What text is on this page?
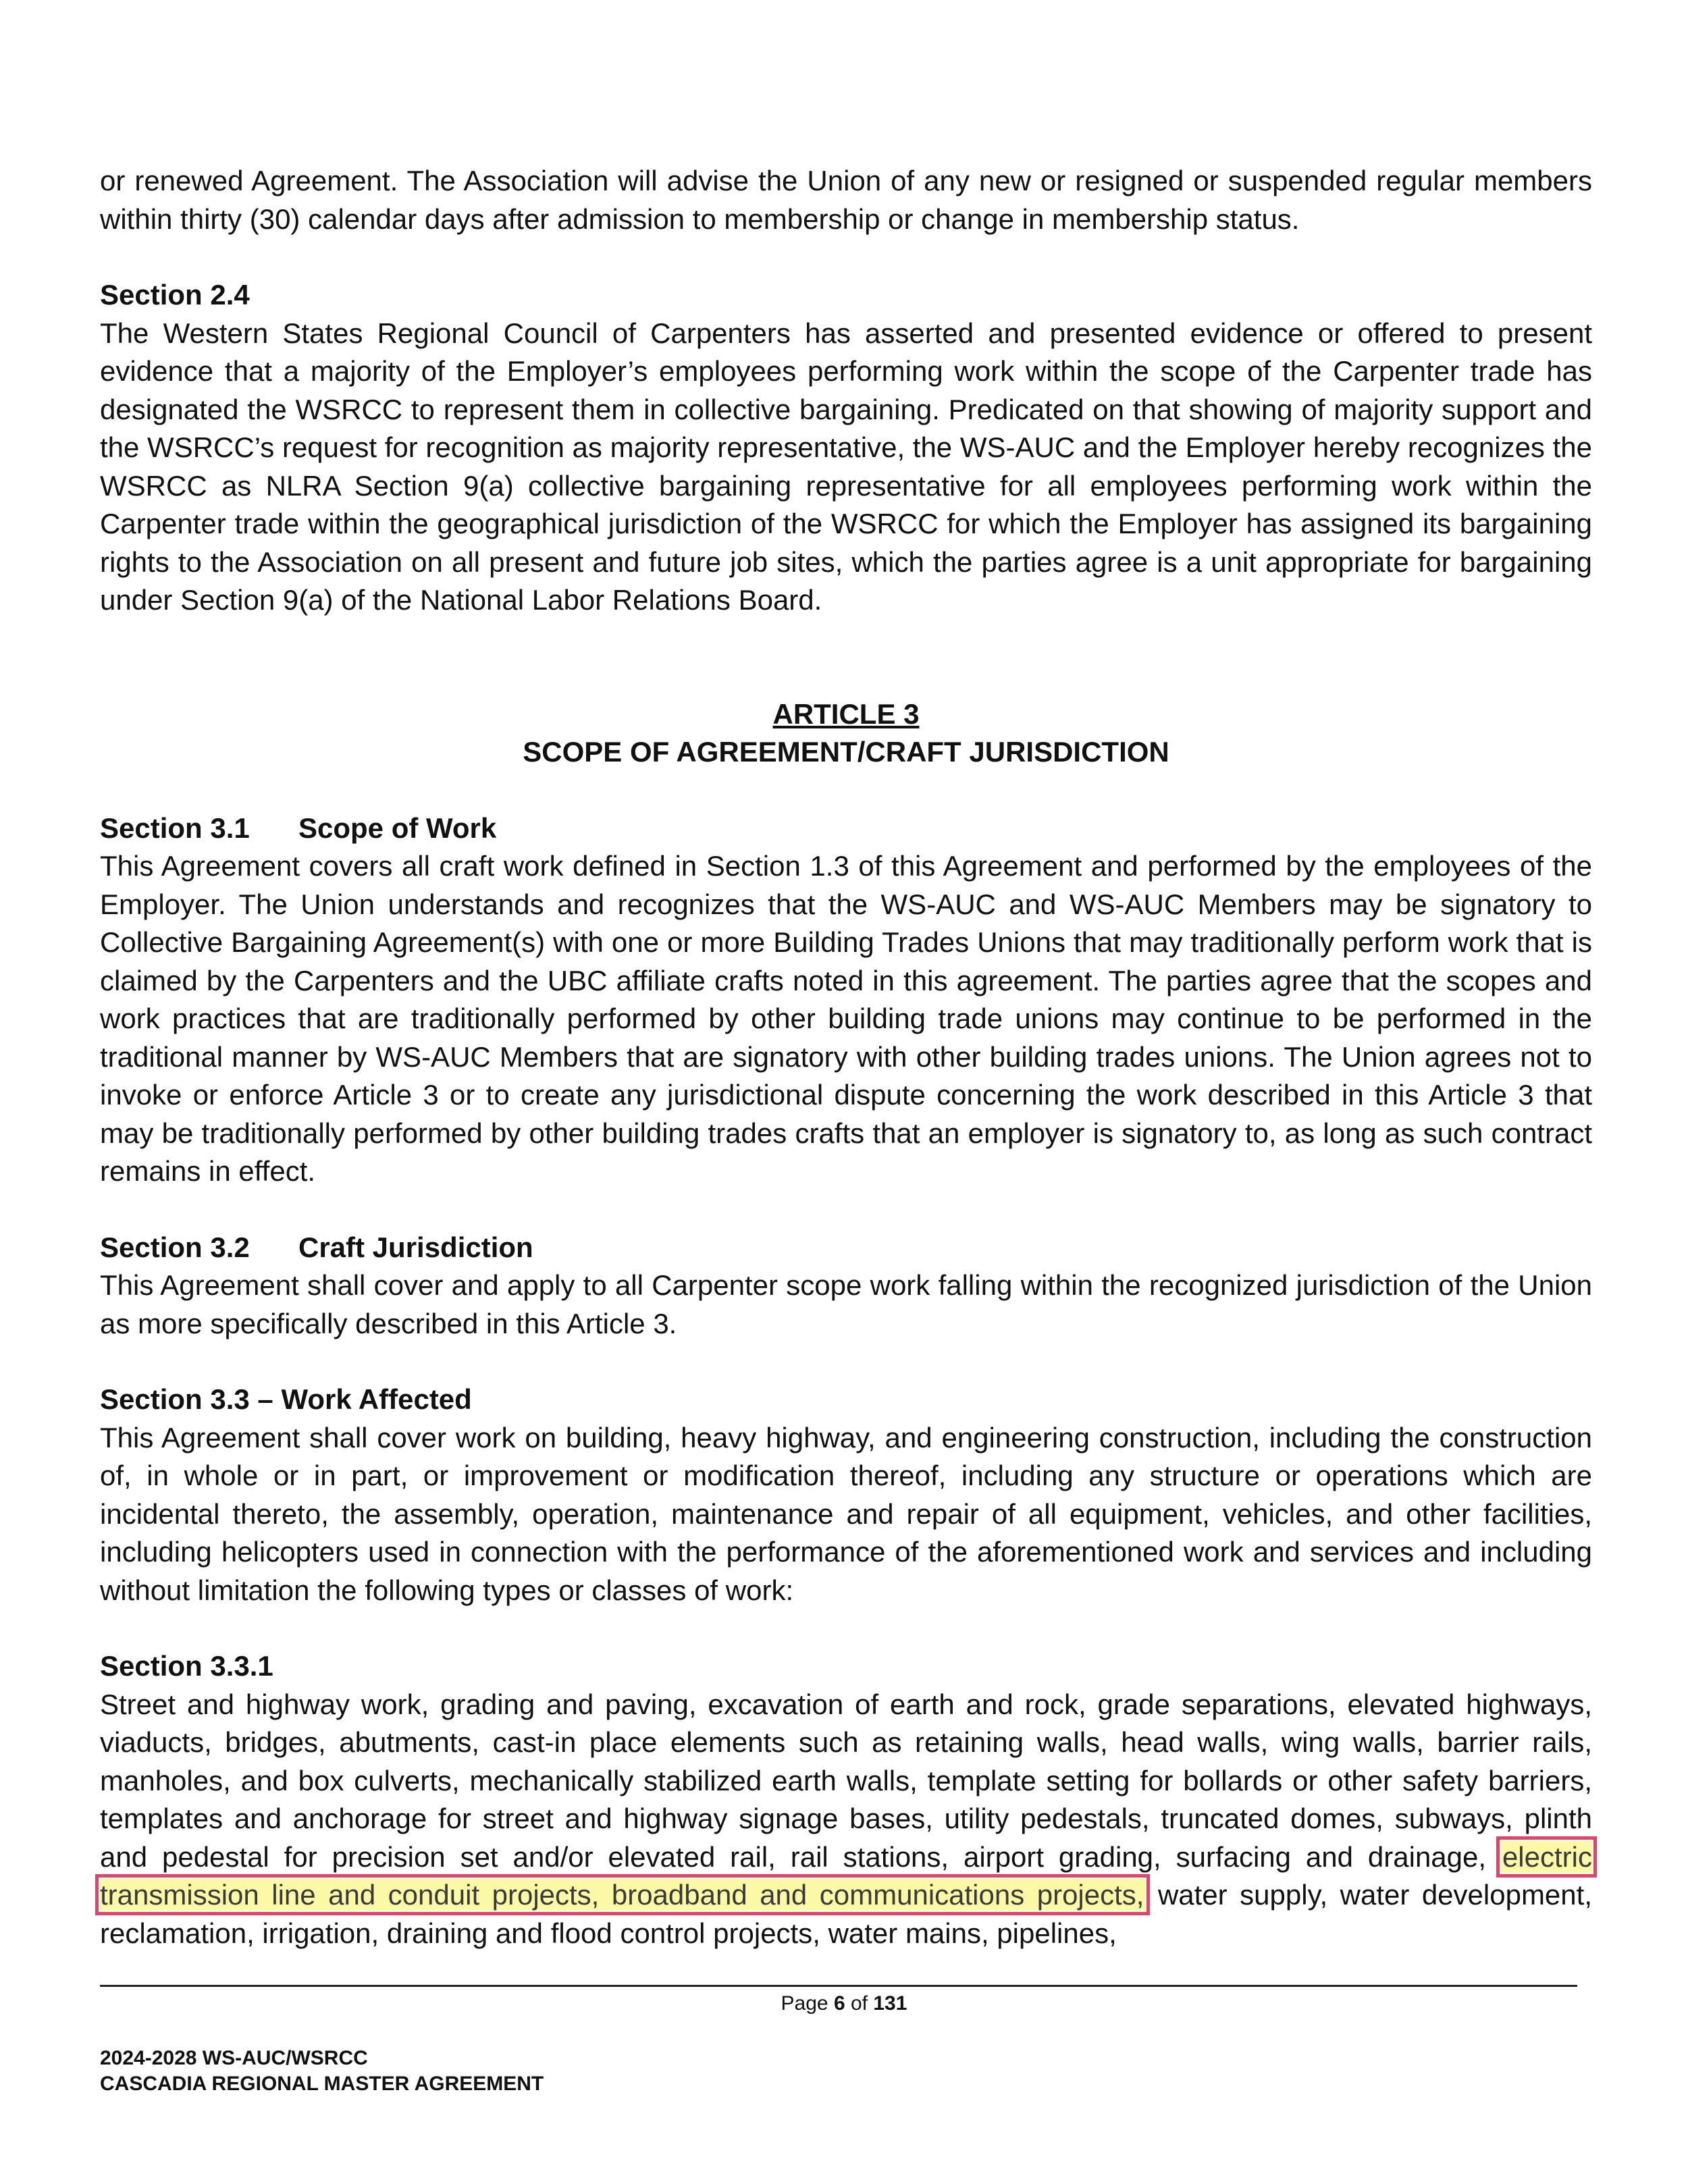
or renewed Agreement. The Association will advise the Union of any new or resigned or suspended regular members within thirty (30) calendar days after admission to membership or change in membership status.

Section 2.4

The Western States Regional Council of Carpenters has asserted and presented evidence or offered to present evidence that a majority of the Employer’s employees performing work within the scope of the Carpenter trade has designated the WSRCC to represent them in collective bargaining. Predicated on that showing of majority support and the WSRCC’s request for recognition as majority representative, the WS-AUC and the Employer hereby recognizes the WSRCC as NLRA Section 9(a) collective bargaining representative for all employees performing work within the Carpenter trade within the geographical jurisdiction of the WSRCC for which the Employer has assigned its bargaining rights to the Association on all present and future job sites, which the parties agree is a unit appropriate for bargaining under Section 9(a) of the National Labor Relations Board.

ARTICLE 3

SCOPE OF AGREEMENT/CRAFT JURISDICTION

Section 3.1 Scope of Work

This Agreement covers all craft work defined in Section 1.3 of this Agreement and performed by the employees of the Employer. The Union understands and recognizes that the WS-AUC and WS-AUC Members may be signatory to Collective Bargaining Agreement(s) with one or more Building Trades Unions that may traditionally perform work that is claimed by the Carpenters and the UBC affiliate crafts noted in this agreement. The parties agree that the scopes and work practices that are traditionally performed by other building trade unions may continue to be performed in the traditional manner by WS-AUC Members that are signatory with other building trades unions. The Union agrees not to invoke or enforce Article 3 or to create any jurisdictional dispute concerning the work described in this Article 3 that may be traditionally performed by other building trades crafts that an employer is signatory to, as long as such contract remains in effect.

Section 3.2 Craft Jurisdiction

This Agreement shall cover and apply to all Carpenter scope work falling within the recognized jurisdiction of the Union as more specifically described in this Article 3.

Section 3.3 – Work Affected

This Agreement shall cover work on building, heavy highway, and engineering construction, including the construction of, in whole or in part, or improvement or modification thereof, including any structure or operations which are incidental thereto, the assembly, operation, maintenance and repair of all equipment, vehicles, and other facilities, including helicopters used in connection with the performance of the aforementioned work and services and including without limitation the following types or classes of work:

Section 3.3.1

Street and highway work, grading and paving, excavation of earth and rock, grade separations, elevated highways, viaducts, bridges, abutments, cast-in place elements such as retaining walls, head walls, wing walls, barrier rails, manholes, and box culverts, mechanically stabilized earth walls, template setting for bollards or other safety barriers, templates and anchorage for street and highway signage bases, utility pedestals, truncated domes, subways, plinth and pedestal for precision set and/or elevated rail, rail stations, airport grading, surfacing and drainage, electric transmission line and conduit projects, broadband and communications projects, water supply, water development, reclamation, irrigation, draining and flood control projects, water mains, pipelines,

Page 6 of 131
2024-2028 WS-AUC/WSRCC
CASCADIA REGIONAL MASTER AGREEMENT
